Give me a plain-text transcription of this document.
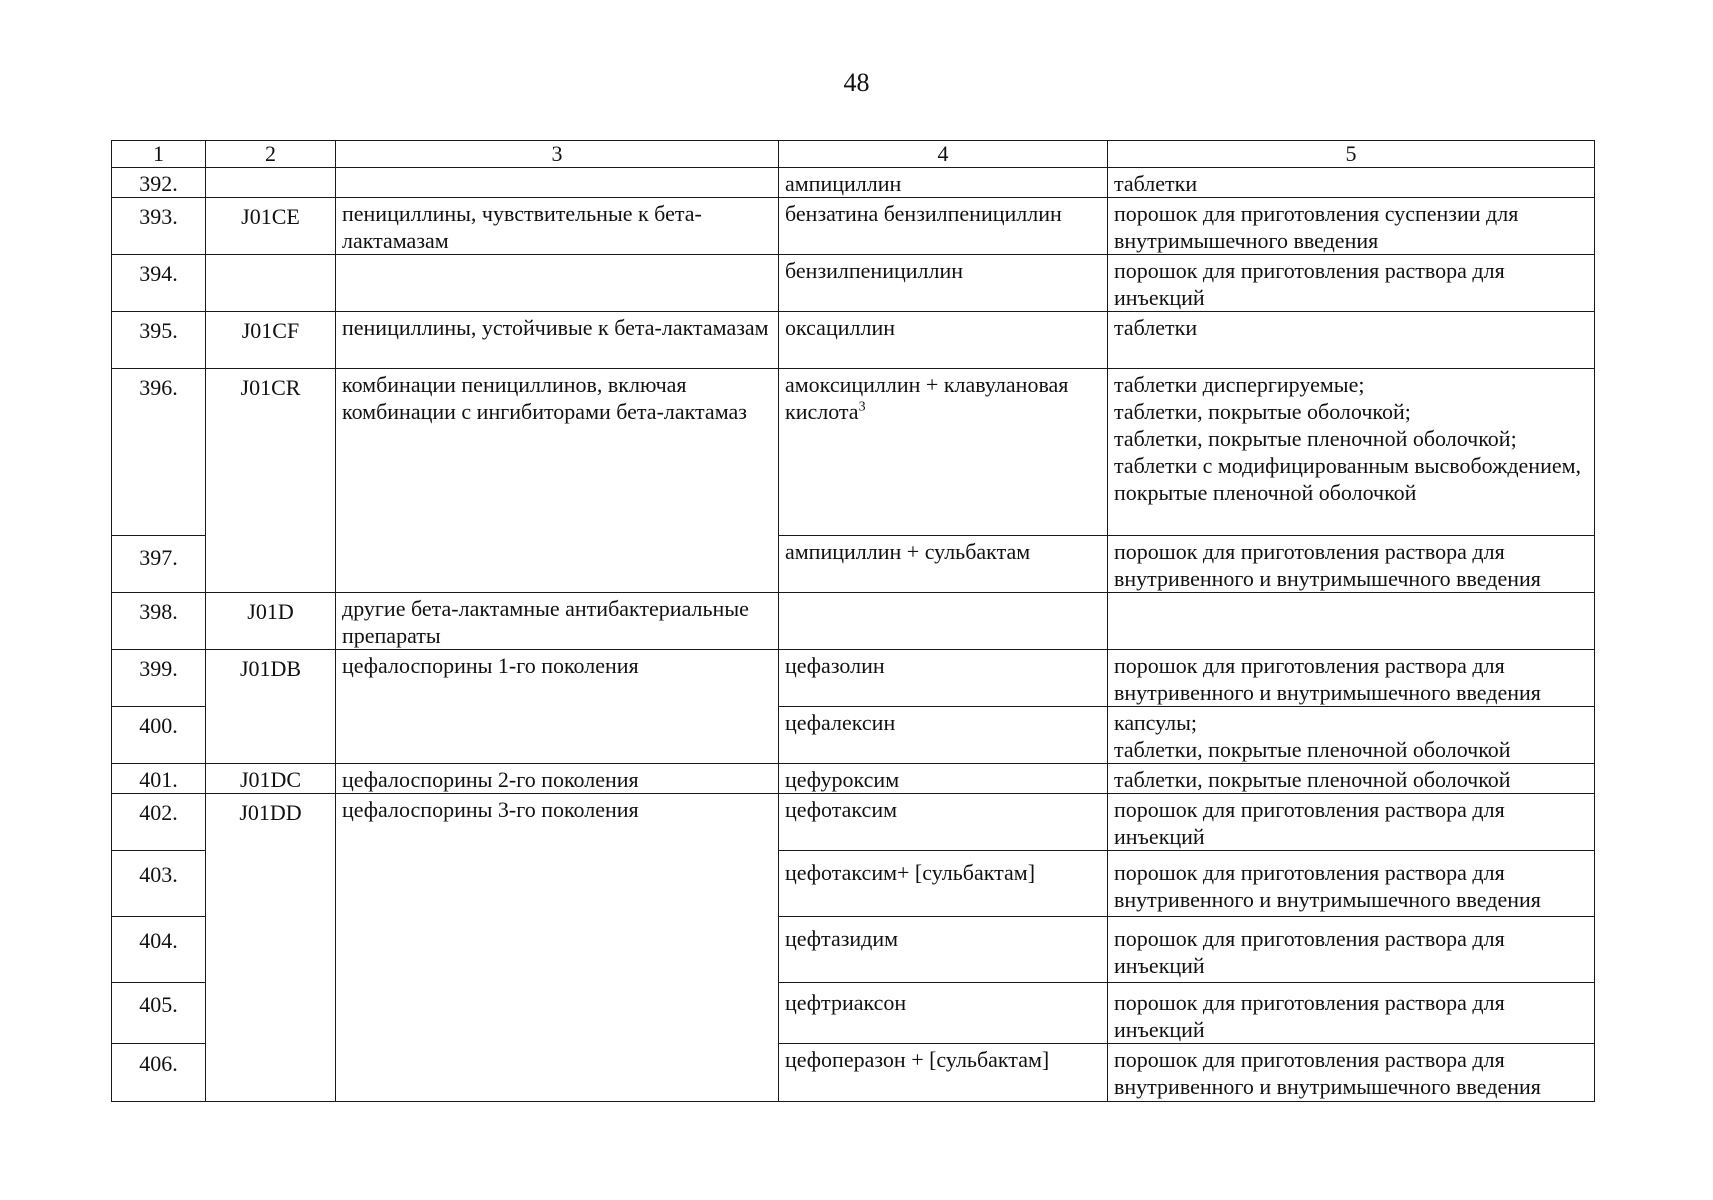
48
1	2	3	4	5
392.			ампициллин	таблетки

393.	J01CE	пенициллины, чувствительные к бета-лактамазам	бензатина бензилпенициллин	порошок для приготовления суспензии для внутримышечного введения

394.			бензилпенициллин	порошок для приготовления раствора для инъекций

395.	J01CF	пенициллины, устойчивые к бета-лактамазам	оксациллин	таблетки

396.	J01CR	комбинации пенициллинов, включая комбинации с ингибиторами бета-лактамаз	амоксициллин + клавулановая кислота$^3$	таблетки диспергируемые;
таблетки, покрытые оболочкой;
таблетки, покрытые пленочной оболочкой;
таблетки с модифицированным высвобождением, покрытые пленочной оболочкой

397.			ампициллин + сульбактам	порошок для приготовления раствора для внутривенного и внутримышечного введения

398.	J01D	другие бета-лактамные антибактериальные препараты		
399.	J01DB	цефалоспорины 1-го поколения	цефазолин	порошок для приготовления раствора для внутривенного и внутримышечного введения

400.			цефалексин	капсулы;
таблетки, покрытые пленочной оболочкой

401.	J01DC	цефалоспорины 2-го поколения	цефуроксим	таблетки, покрытые пленочной оболочкой

402.	J01DD	цефалоспорины 3-го поколения	цефотаксим	порошок для приготовления раствора для инъекций

403.			цефотаксим+ [сульбактам]	порошок для приготовления раствора для внутривенного и внутримышечного введения

404.			цефтазидим	порошок для приготовления раствора для инъекций

405.			цефтриаксон	порошок для приготовления раствора для инъекций

406.			цефоперазон + [сульбактам]	порошок для приготовления раствора для внутривенного и внутримышечного введения
